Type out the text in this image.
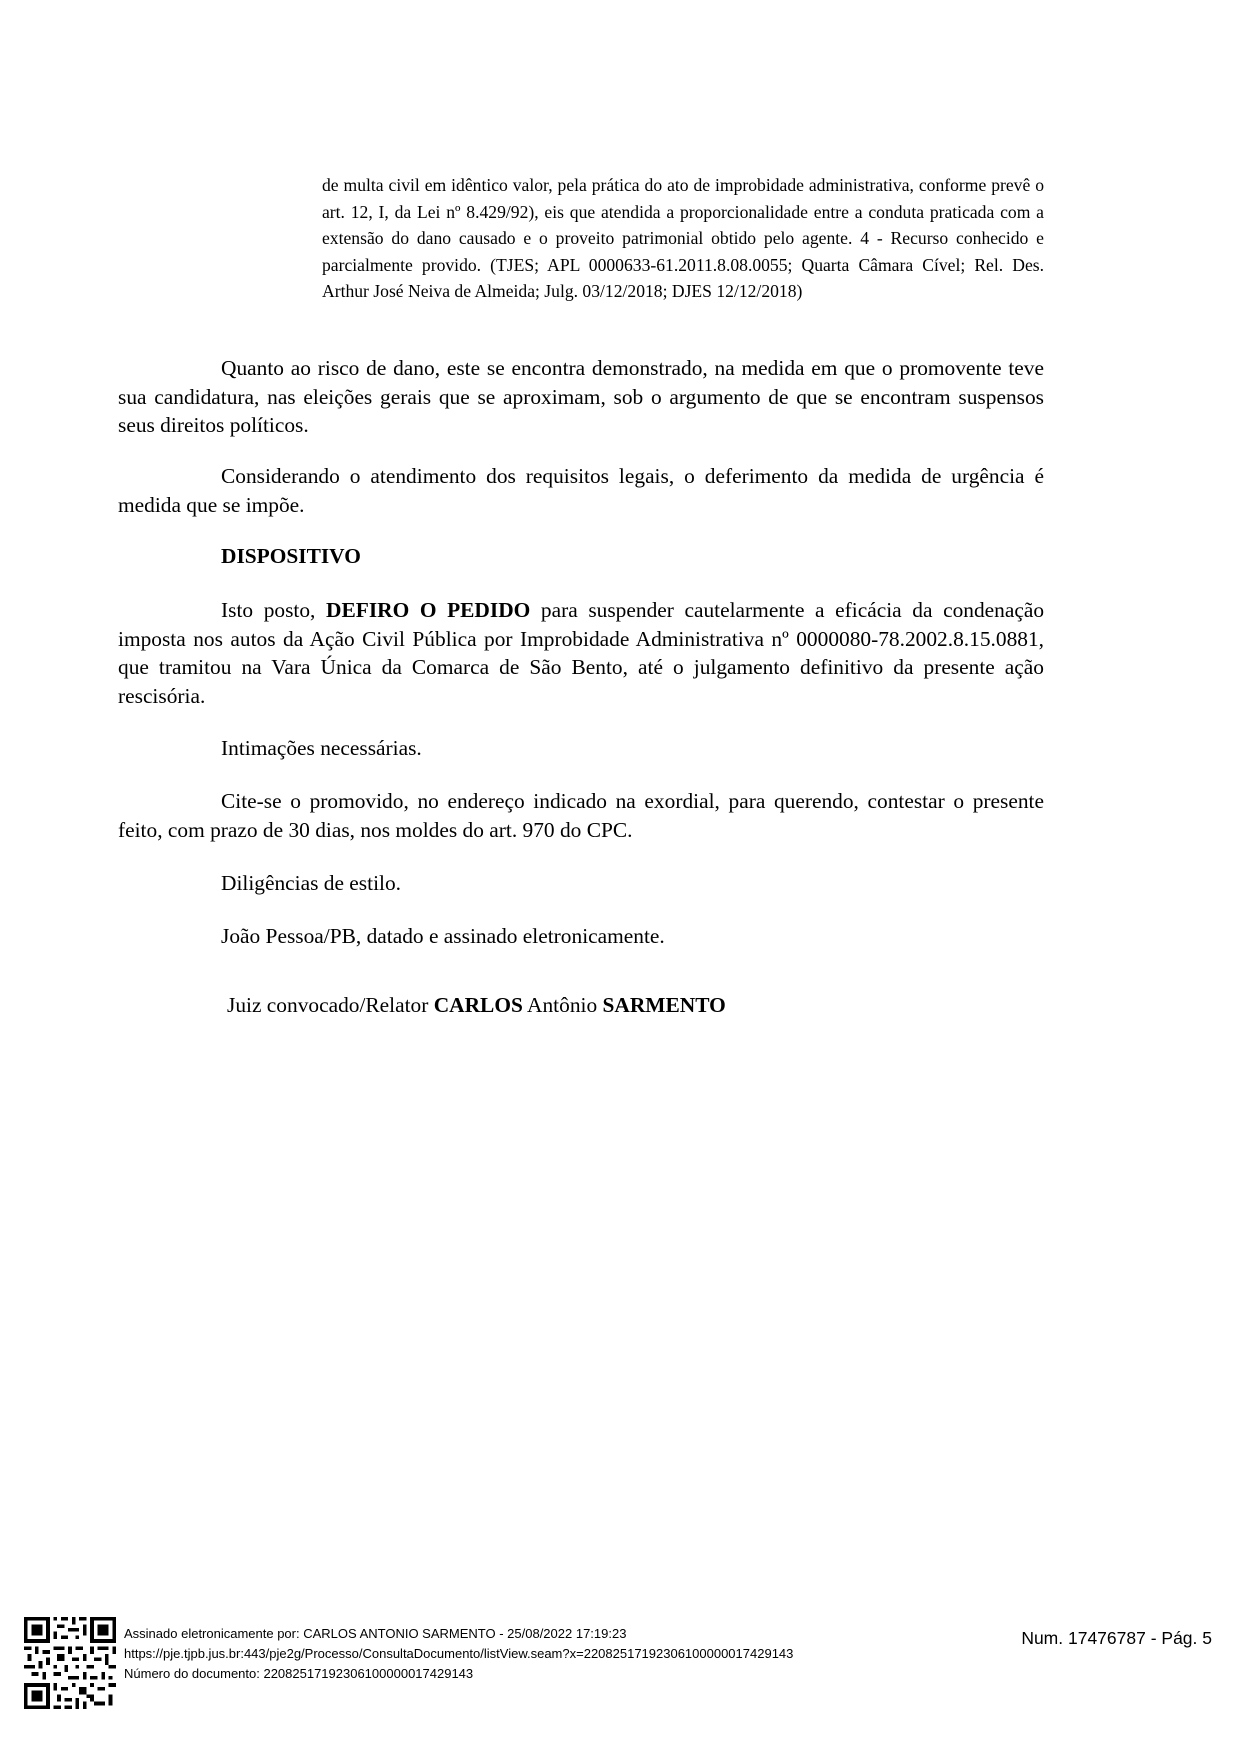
de multa civil em idêntico valor, pela prática do ato de improbidade administrativa, conforme prevê o art. 12, I, da Lei nº 8.429/92), eis que atendida a proporcionalidade entre a conduta praticada com a extensão do dano causado e o proveito patrimonial obtido pelo agente. 4 - Recurso conhecido e parcialmente provido. (TJES; APL 0000633-61.2011.8.08.0055; Quarta Câmara Cível; Rel. Des. Arthur José Neiva de Almeida; Julg. 03/12/2018; DJES 12/12/2018)

Quanto ao risco de dano, este se encontra demonstrado, na medida em que o promovente teve sua candidatura, nas eleições gerais que se aproximam, sob o argumento de que se encontram suspensos seus direitos políticos.

Considerando o atendimento dos requisitos legais, o deferimento da medida de urgência é medida que se impõe.

DISPOSITIVO

Isto posto, DEFIRO O PEDIDO para suspender cautelarmente a eficácia da condenação imposta nos autos da Ação Civil Pública por Improbidade Administrativa nº 0000080-78.2002.8.15.0881, que tramitou na Vara Única da Comarca de São Bento, até o julgamento definitivo da presente ação rescisória.

Intimações necessárias.

Cite-se o promovido, no endereço indicado na exordial, para querendo, contestar o presente feito, com prazo de 30 dias, nos moldes do art. 970 do CPC.

Diligências de estilo.

João Pessoa/PB, datado e assinado eletronicamente.

Juiz convocado/Relator CARLOS Antônio SARMENTO

Assinado eletronicamente por: CARLOS ANTONIO SARMENTO - 25/08/2022 17:19:23

https://pje.tjpb.jus.br:443/pje2g/Processo/ConsultaDocumento/listView.seam?x=22082517192306100000017429143

Número do documento: 22082517192306100000017429143

Num. 17476787 - Pág. 5
